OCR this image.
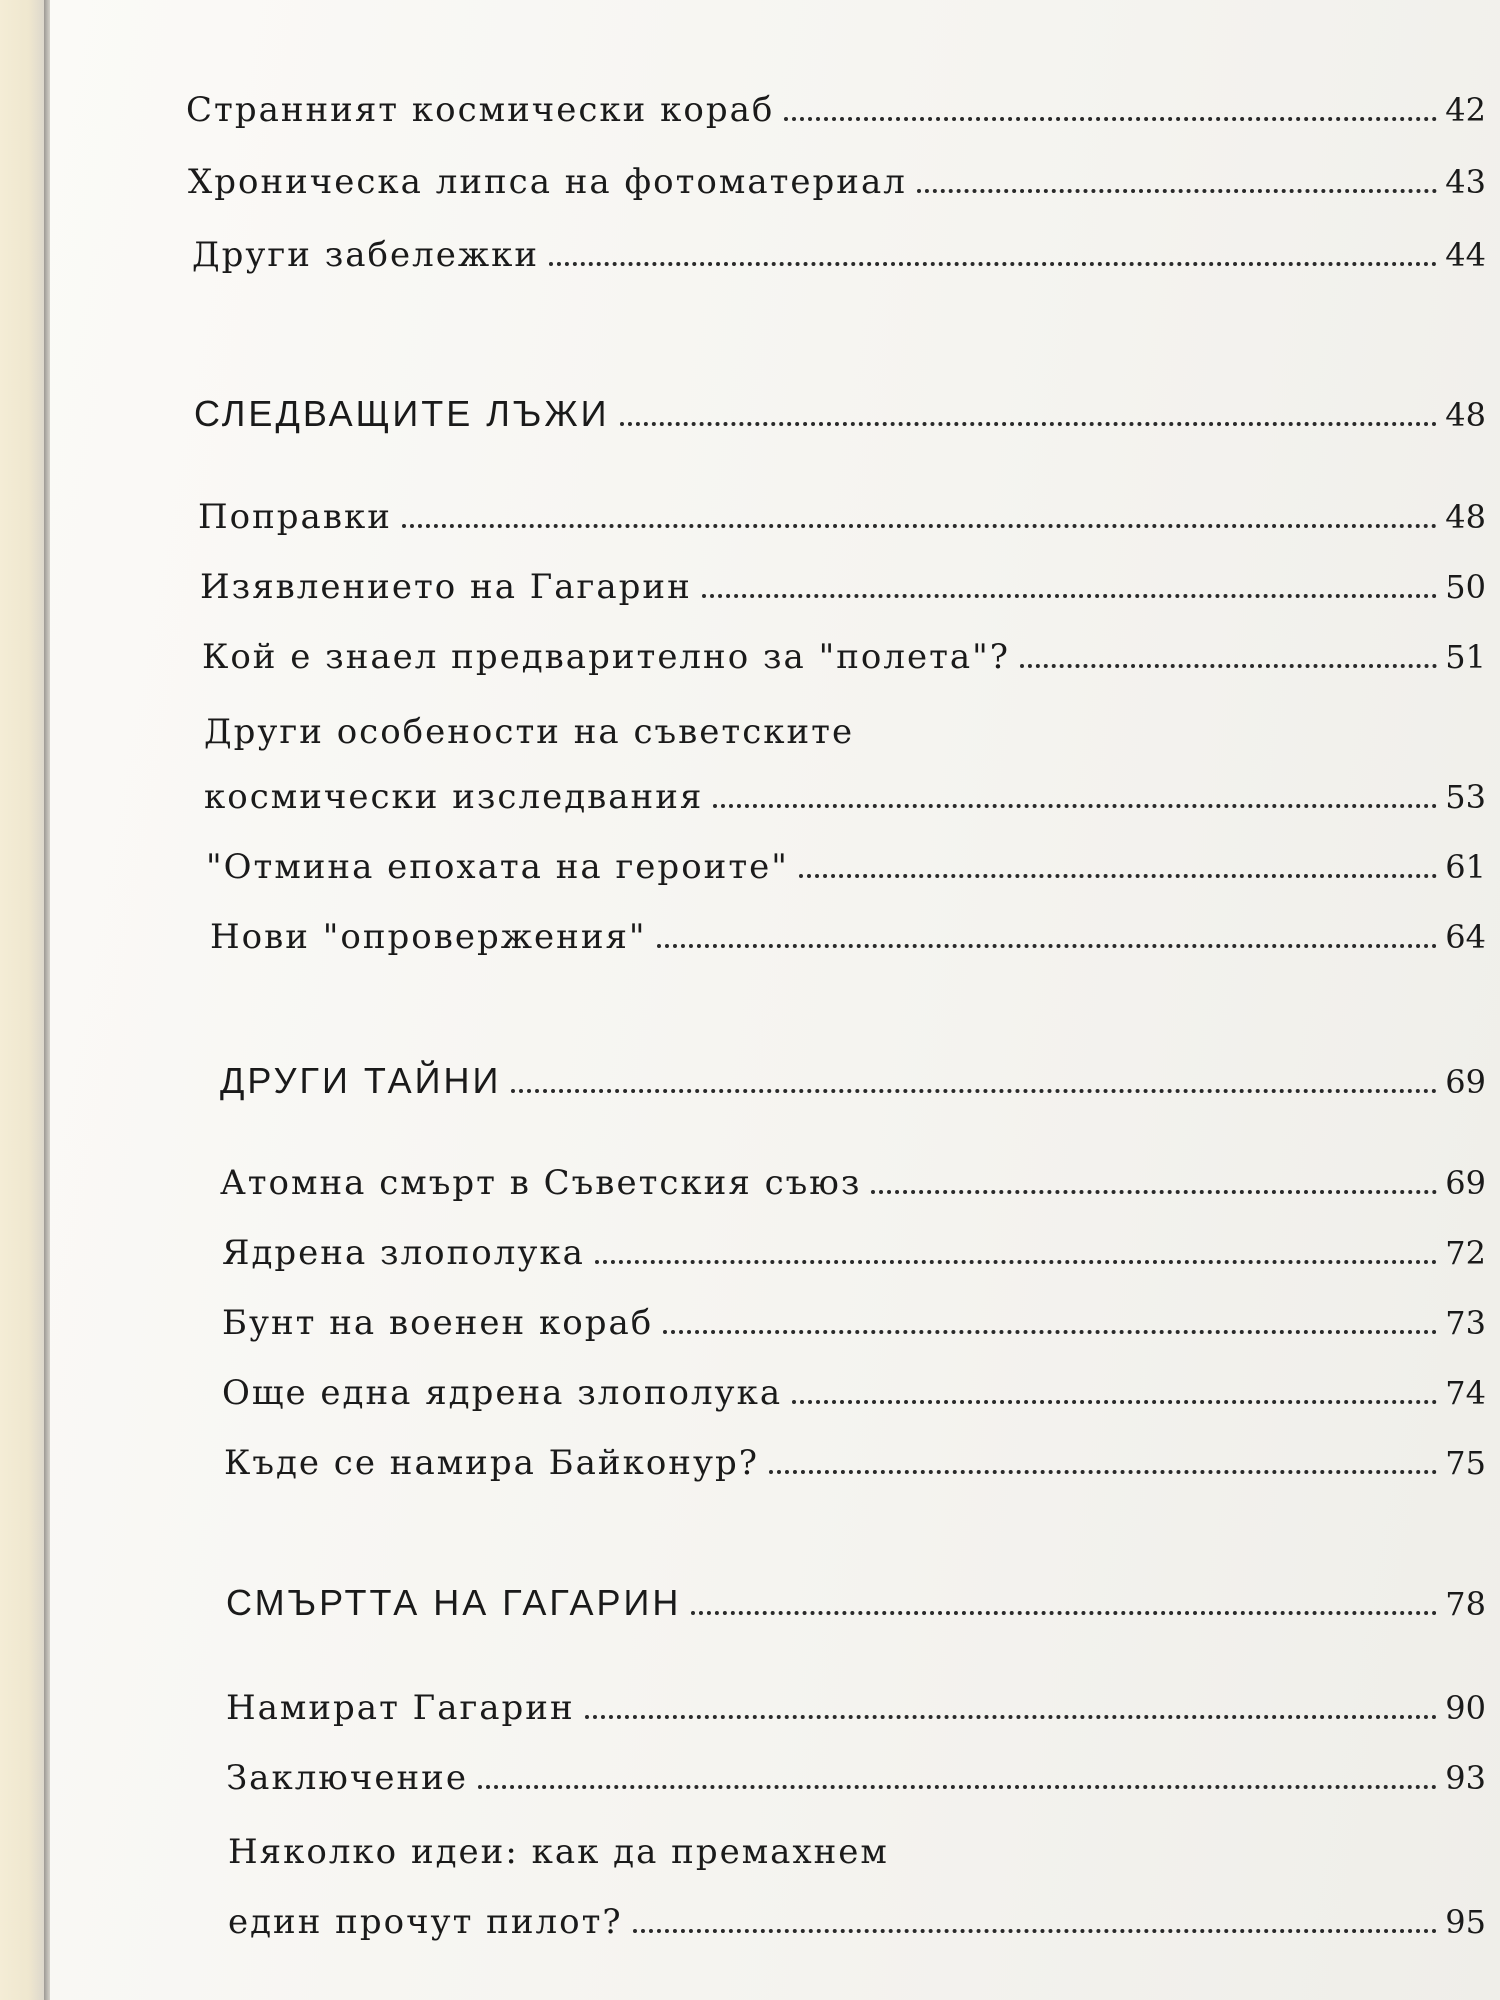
Странният космически кораб	42
Хроническа липса на фотоматериал	43
Други забележки	44
СЛЕДВАЩИТЕ ЛЪЖИ	48
Поправки	48
Изявлението на Гагарин	50
Кой е знаел предварително за "полета"?	51
Други особености на съветските
космически изследвания	53
"Отмина епохата на героите"	61
Нови "опровержения"	64
ДРУГИ ТАЙНИ	69
Атомна смърт в Съветския съюз	69
Ядрена злополука	72
Бунт на военен кораб	73
Още една ядрена злополука	74
Къде се намира Байконур?	75
СМЪРТТА НА ГАГАРИН	78
Намират Гагарин	90
Заключение	93
Няколко идеи: как да премахнем
един прочут пилот?	95
